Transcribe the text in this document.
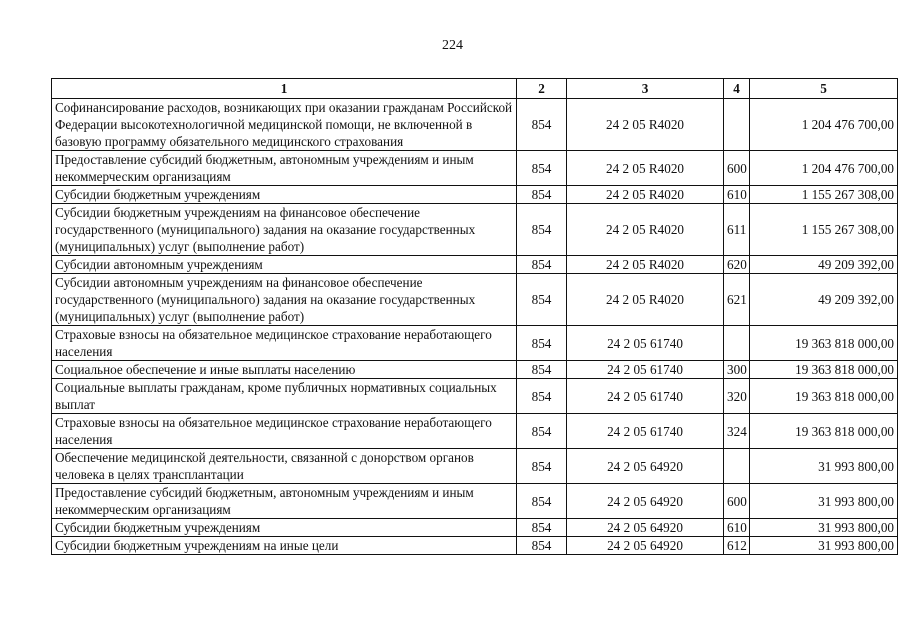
224
1	2	3	4	5
Софинансирование расходов, возникающих при оказании гражданам Российской Федерации высокотехнологичной медицинской помощи, не включенной в базовую программу обязательного медицинского страхования	854	24 2 05 R4020		1 204 476 700,00
Предоставление субсидий бюджетным, автономным учреждениям и иным некоммерческим организациям	854	24 2 05 R4020	600	1 204 476 700,00
Субсидии бюджетным учреждениям	854	24 2 05 R4020	610	1 155 267 308,00
Субсидии бюджетным учреждениям на финансовое обеспечение государственного (муниципального) задания на оказание государственных (муниципальных) услуг (выполнение работ)	854	24 2 05 R4020	611	1 155 267 308,00
Субсидии автономным учреждениям	854	24 2 05 R4020	620	49 209 392,00
Субсидии автономным учреждениям на финансовое обеспечение государственного (муниципального) задания на оказание государственных (муниципальных) услуг (выполнение работ)	854	24 2 05 R4020	621	49 209 392,00
Страховые взносы на обязательное медицинское страхование неработающего населения	854	24 2 05 61740		19 363 818 000,00
Социальное обеспечение и иные выплаты населению	854	24 2 05 61740	300	19 363 818 000,00
Социальные выплаты гражданам, кроме публичных нормативных социальных выплат	854	24 2 05 61740	320	19 363 818 000,00
Страховые взносы на обязательное медицинское страхование неработающего населения	854	24 2 05 61740	324	19 363 818 000,00
Обеспечение медицинской деятельности, связанной с донорством органов человека в целях трансплантации	854	24 2 05 64920		31 993 800,00
Предоставление субсидий бюджетным, автономным учреждениям и иным некоммерческим организациям	854	24 2 05 64920	600	31 993 800,00
Субсидии бюджетным учреждениям	854	24 2 05 64920	610	31 993 800,00
Субсидии бюджетным учреждениям на иные цели	854	24 2 05 64920	612	31 993 800,00
